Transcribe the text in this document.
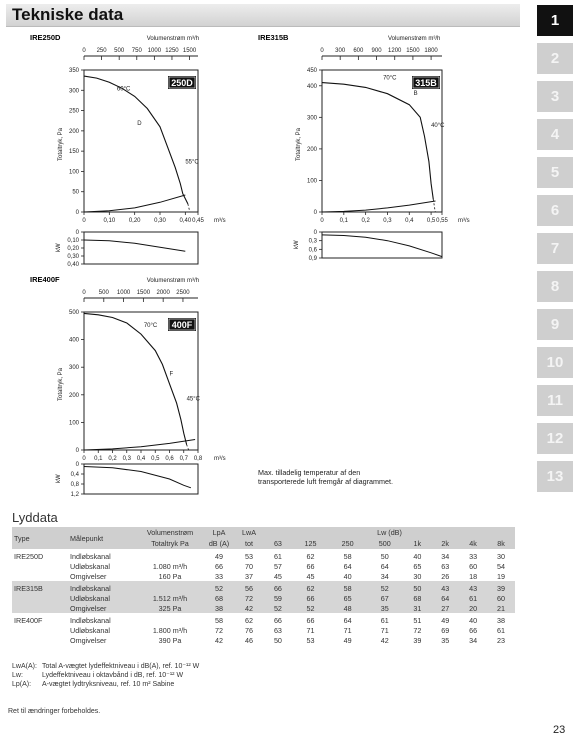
Tekniske data	1
2
3
4
5
6
7
8
9
10
11
12
13
IRE250D	Volumenstrøm m³/h
0 250 500 750 1000 1250 1500
0
50
100
150
200
250
300
350
0	0,10 0,20 0,30 0,40 0,45 m³/s
Totaltryk, Pa
250D
60°C
D
55°C
0
0,10
0,20
0,30
0,40
kW
IRE315B	Volumenstrøm m³/h
0 300 600 900 1200 1500 1800
0
100
200
300
400
450
0	0,1 0,2 0,3 0,4 0,5 0,55 m³/s
Totaltryk, Pa
315B
70°C
B
40°C
0
0,3
0,6
0,9
kW
IRE400F	Volumenstrøm m³/h
0 500 1000 1500 2000 2500
0
100
200
300
400
500
0 0,1 0,2 0,3 0,4 0,5 0,6 0,7 0,8 m³/s
Totaltryk, Pa
400F
70°C
F
45°C
0
0,4
0,8
1,2
kW
Max. tilladelig temperatur af den transporterede luft fremgår af diagrammet.
Lyddata
Type	Målepunkt	Volumenstrøm	LpA	LwA	Lw (dB)							
		Totaltryk Pa	dB (A)	tot	63	125	250	500	1k	2k	4k	8k
IRE250D	Indløbskanal		49	53	61	62	58	50	40	34	33	30
	Udløbskanal	1.080 m³/h	66	70	57	66	64	64	65	63	60	54
	Omgivelser	160 Pa	33	37	45	45	40	34	30	26	18	19
IRE315B	Indløbskanal		52	56	66	62	58	52	50	43	43	39
	Udløbskanal	1.512 m³/h	68	72	59	66	65	67	68	64	61	60
	Omgivelser	325 Pa	38	42	52	52	48	35	31	27	20	21
IRE400F	Indløbskanal		58	62	66	66	64	61	51	49	40	38
	Udløbskanal	1.800 m³/h	72	76	63	71	71	71	72	69	66	61
	Omgivelser	390 Pa	42	46	50	53	49	42	39	35	34	23
LwA(A): Total A-vægtet lydeffektniveau i dB(A), ref. 10⁻¹² W
Lw:	Lydeffektniveau i oktavbånd i dB, ref. 10⁻¹² W
Lp(A): A-vægtet lydtryksniveau, ref. 10 m² Sabine
Ret til ændringer forbeholdes.
23
